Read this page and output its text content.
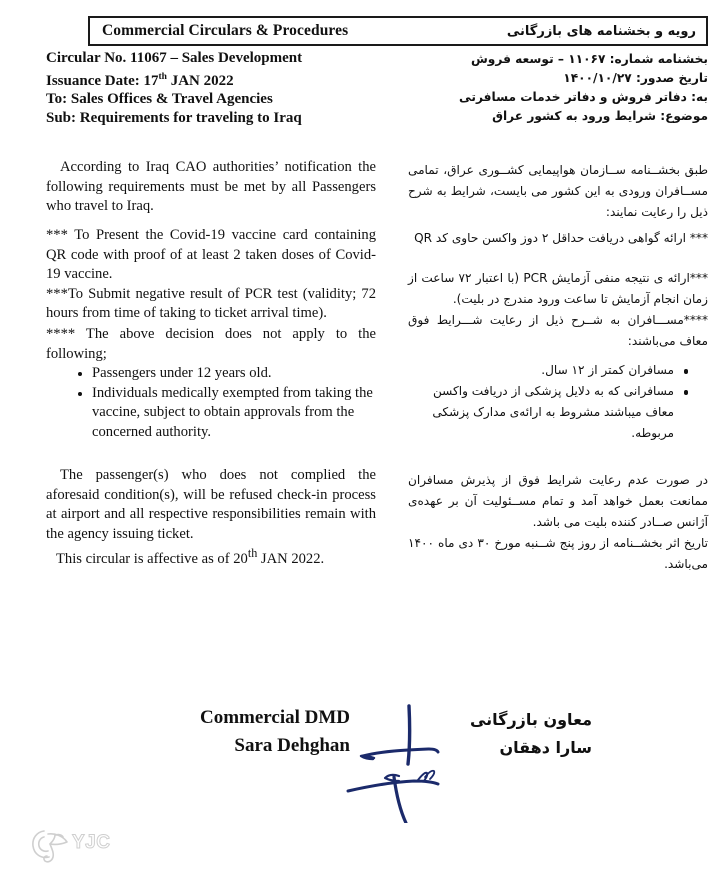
Commercial Circulars & Procedures	رویه و بخشنامه های بازرگانی
Circular No. 11067 – Sales Development
Issuance Date: 17th JAN 2022
To: Sales Offices & Travel Agencies
Sub: Requirements for traveling to Iraq
بخشنامه شماره: ۱۱۰۶۷ – توسعه فروش
تاریخ صدور: ۱۴۰۰/۱۰/۲۷
به: دفاتر فروش و دفاتر خدمات مسافرتی
موضوع: شرایط ورود به کشور عراق

According to Iraq CAO authorities’ notification the following requirements must be met by all Passengers who travel to Iraq.

*** To Present the Covid-19 vaccine card containing QR code with proof of at least 2 taken doses of Covid-19 vaccine.

***To Submit negative result of PCR test (validity; 72 hours from time of taking to ticket arrival time).

**** The above decision does not apply to the following;

Passengers under 12 years old.
Individuals medically exempted from taking the vaccine, subject to obtain approvals from the concerned authority.

The passenger(s) who does not complied the aforesaid condition(s), will be refused check-in process at airport and all respective responsibilities remain with the agency issuing ticket.

This circular is affective as of 20th JAN 2022.

طبق بخشــنامه ســازمان هواپیمایی کشــوری عراق، تمامی مســافران ورودی به این کشور می بایست، شرایط به شرح ذیل را رعایت نمایند:

*** ارائه گواهی دریافت حداقل ۲ دوز واکسن حاوی کد QR

***ارائه ی نتیجه منفی آزمایش PCR (با اعتبار ۷۲ ساعت از زمان انجام آزمایش تا ساعت ورود مندرج در بلیت).

****مســـافران به شــرح ذیل از رعایت شـــرایط فوق معاف می‌باشند:

مسافران کمتر از ۱۲ سال.
مسافرانی که به دلایل پزشکی از دریافت واکسن معاف میباشند مشروط به ارائه‌ی مدارک پزشکی مربوطه.

در صورت عدم رعایت شرایط فوق از پذیرش مسافران ممانعت بعمل خواهد آمد و تمام مســئولیت آن بر عهده‌ی آژانس صــادر کننده بلیت می باشد.

تاریخ اثر بخشــنامه از روز پنج شــنبه مورخ ۳۰ دی ماه ۱۴۰۰ می‌باشد.

Commercial DMD
Sara Dehghan
معاون بازرگانی
سارا دهقان
YJC
